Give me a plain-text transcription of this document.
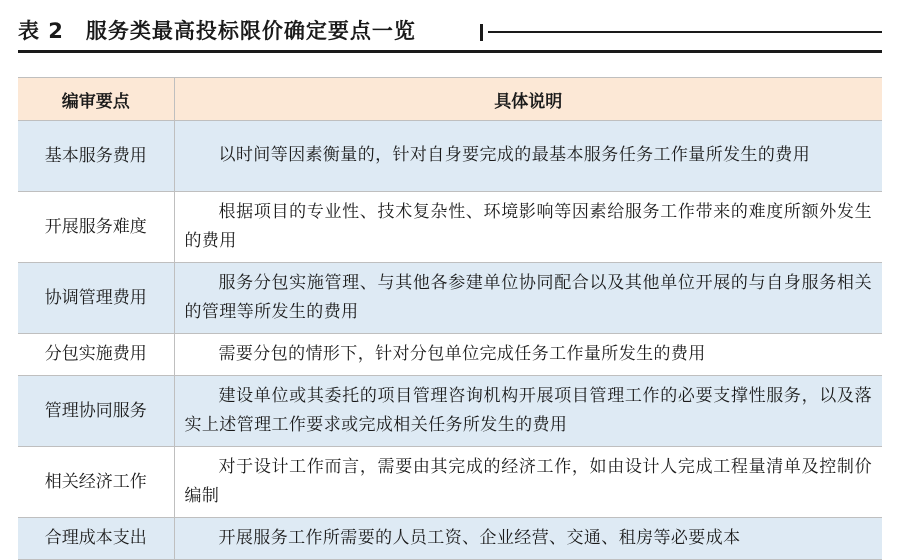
表 2　服务类最高投标限价确定要点一览
编审要点	具体说明
基本服务费用	以时间等因素衡量的，针对自身要完成的最基本服务任务工作量所发生的费用
开展服务难度	根据项目的专业性、技术复杂性、环境影响等因素给服务工作带来的难度所额外发生的费用
协调管理费用	服务分包实施管理、与其他各参建单位协同配合以及其他单位开展的与自身服务相关的管理等所发生的费用
分包实施费用	需要分包的情形下，针对分包单位完成任务工作量所发生的费用
管理协同服务	建设单位或其委托的项目管理咨询机构开展项目管理工作的必要支撑性服务，以及落实上述管理工作要求或完成相关任务所发生的费用
相关经济工作	对于设计工作而言，需要由其完成的经济工作，如由设计人完成工程量清单及控制价编制
合理成本支出	开展服务工作所需要的人员工资、企业经营、交通、租房等必要成本
